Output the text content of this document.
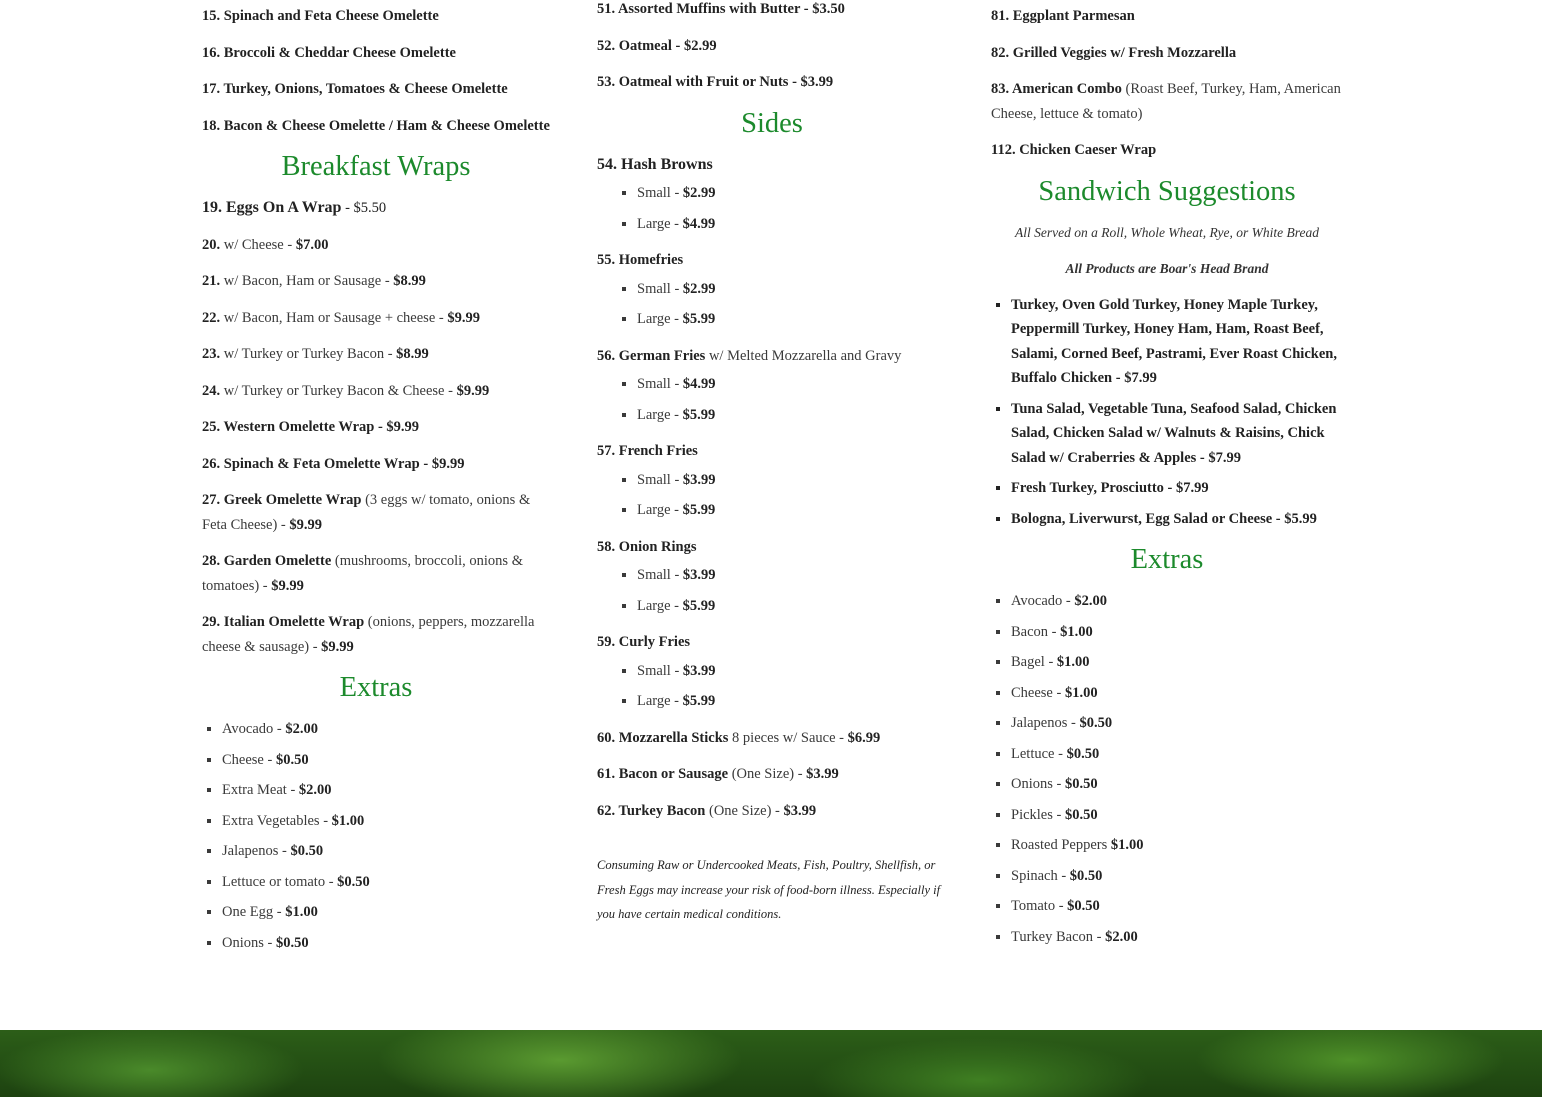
15. Spinach and Feta Cheese Omelette
16. Broccoli & Cheddar Cheese Omelette
17. Turkey, Onions, Tomatoes & Cheese Omelette
18. Bacon & Cheese Omelette / Ham & Cheese Omelette
Breakfast Wraps
19. Eggs On A Wrap - $5.50
20. w/ Cheese - $7.00
21. w/ Bacon, Ham or Sausage - $8.99
22. w/ Bacon, Ham or Sausage + cheese - $9.99
23. w/ Turkey or Turkey Bacon - $8.99
24. w/ Turkey or Turkey Bacon & Cheese - $9.99
25. Western Omelette Wrap - $9.99
26. Spinach & Feta Omelette Wrap - $9.99
27. Greek Omelette Wrap (3 eggs w/ tomato, onions & Feta Cheese) - $9.99
28. Garden Omelette (mushrooms, broccoli, onions & tomatoes) - $9.99
29. Italian Omelette Wrap (onions, peppers, mozzarella cheese & sausage) - $9.99
Extras
▪ Avocado - $2.00
▪ Cheese - $0.50
▪ Extra Meat - $2.00
▪ Extra Vegetables - $1.00
▪ Jalapenos - $0.50
▪ Lettuce or tomato - $0.50
▪ One Egg - $1.00
▪ Onions - $0.50
51. Assorted Muffins with Butter - $3.50
52. Oatmeal - $2.99
53. Oatmeal with Fruit or Nuts - $3.99
Sides
54. Hash Browns
▪ Small - $2.99
▪ Large - $4.99
55. Homefries
▪ Small - $2.99
▪ Large - $5.99
56. German Fries w/ Melted Mozzarella and Gravy
▪ Small - $4.99
▪ Large - $5.99
57. French Fries
▪ Small - $3.99
▪ Large - $5.99
58. Onion Rings
▪ Small - $3.99
▪ Large - $5.99
59. Curly Fries
▪ Small - $3.99
▪ Large - $5.99
60. Mozzarella Sticks 8 pieces w/ Sauce - $6.99
61. Bacon or Sausage (One Size) - $3.99
62. Turkey Bacon (One Size) - $3.99
Consuming Raw or Undercooked Meats, Fish, Poultry, Shellfish, or Fresh Eggs may increase your risk of food-born illness. Especially if you have certain medical conditions.
81. Eggplant Parmesan
82. Grilled Veggies w/ Fresh Mozzarella
83. American Combo (Roast Beef, Turkey, Ham, American Cheese, lettuce & tomato)
112. Chicken Caeser Wrap
Sandwich Suggestions
All Served on a Roll, Whole Wheat, Rye, or White Bread
All Products are Boar's Head Brand
▪ Turkey, Oven Gold Turkey, Honey Maple Turkey, Peppermill Turkey, Honey Ham, Ham, Roast Beef, Salami, Corned Beef, Pastrami, Ever Roast Chicken, Buffalo Chicken - $7.99
▪ Tuna Salad, Vegetable Tuna, Seafood Salad, Chicken Salad, Chicken Salad w/ Walnuts & Raisins, Chick Salad w/ Craberries & Apples - $7.99
▪ Fresh Turkey, Prosciutto - $7.99
▪ Bologna, Liverwurst, Egg Salad or Cheese - $5.99
Extras
▪ Avocado - $2.00
▪ Bacon - $1.00
▪ Bagel - $1.00
▪ Cheese - $1.00
▪ Jalapenos - $0.50
▪ Lettuce - $0.50
▪ Onions - $0.50
▪ Pickles - $0.50
▪ Roasted Peppers $1.00
▪ Spinach - $0.50
▪ Tomato - $0.50
▪ Turkey Bacon - $2.00
